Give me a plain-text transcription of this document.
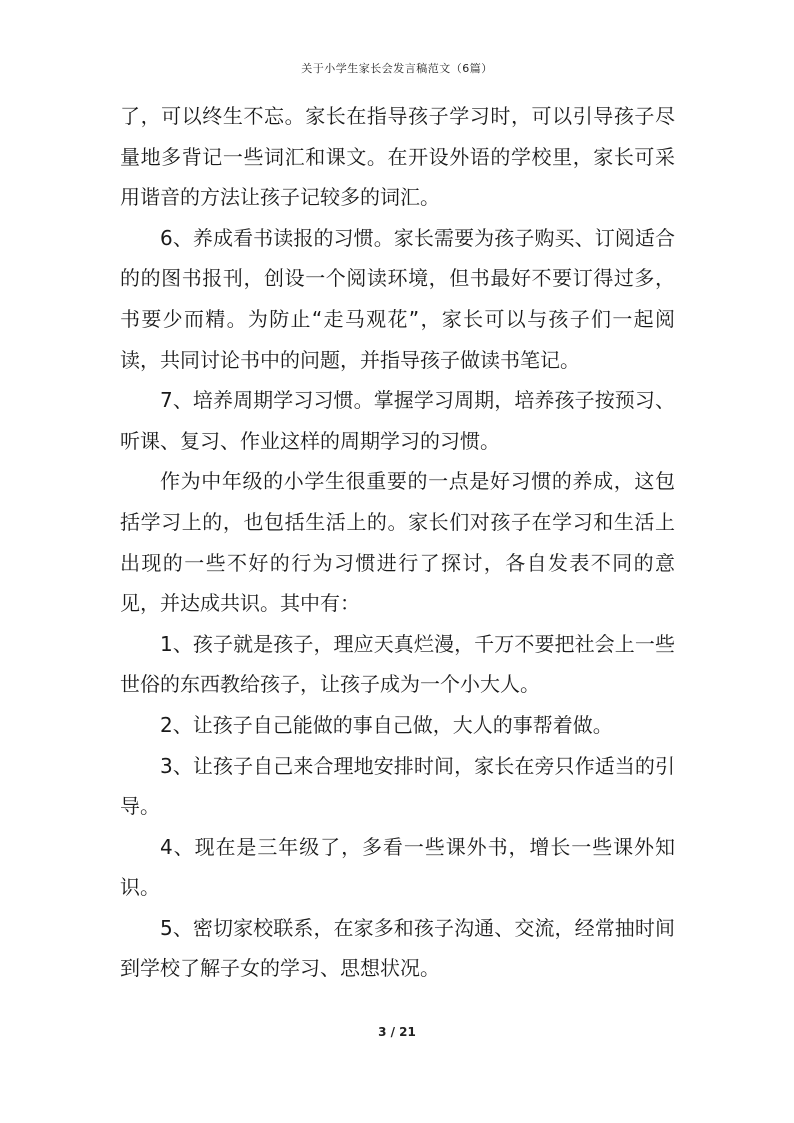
关于小学生家长会发言稿范文（6篇）

了，可以终生不忘。家长在指导孩子学习时，可以引导孩子尽量地多背记一些词汇和课文。在开设外语的学校里，家长可采用谐音的方法让孩子记较多的词汇。

6、养成看书读报的习惯。家长需要为孩子购买、订阅适合的的图书报刊，创设一个阅读环境，但书最好不要订得过多，书要少而精。为防止“走马观花”，家长可以与孩子们一起阅读，共同讨论书中的问题，并指导孩子做读书笔记。

7、培养周期学习习惯。掌握学习周期，培养孩子按预习、听课、复习、作业这样的周期学习的习惯。

作为中年级的小学生很重要的一点是好习惯的养成，这包括学习上的，也包括生活上的。家长们对孩子在学习和生活上出现的一些不好的行为习惯进行了探讨，各自发表不同的意见，并达成共识。其中有：

1、孩子就是孩子，理应天真烂漫，千万不要把社会上一些世俗的东西教给孩子，让孩子成为一个小大人。

2、让孩子自己能做的事自己做，大人的事帮着做。

3、让孩子自己来合理地安排时间，家长在旁只作适当的引导。

4、现在是三年级了，多看一些课外书，增长一些课外知识。

5、密切家校联系，在家多和孩子沟通、交流，经常抽时间到学校了解子女的学习、思想状况。

3 / 21
